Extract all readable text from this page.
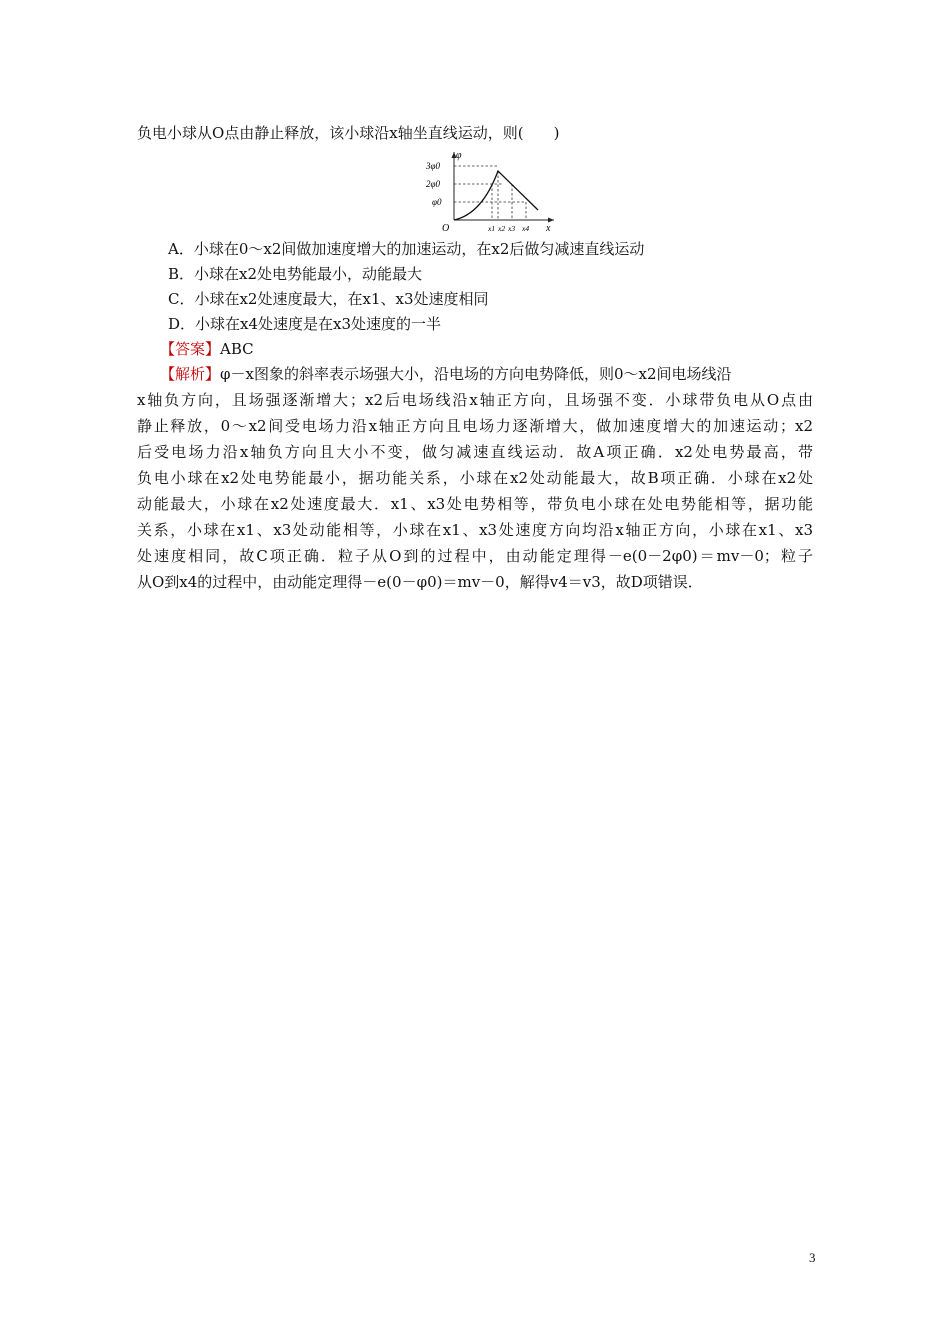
负电小球从O点由静止释放，该小球沿x轴坐直线运动，则(　　)
φ
3φ0
2φ0
φ0
O	x1 x2 x3 x4 x
A．小球在0～x2间做加速度增大的加速运动，在x2后做匀减速直线运动
B．小球在x2处电势能最小，动能最大
C．小球在x2处速度最大，在x1、x3处速度相同
D．小球在x4处速度是在x3处速度的一半
【答案】ABC
【解析】φ－x图象的斜率表示场强大小，沿电场的方向电势降低，则0～x2间电场线沿
x轴负方向，且场强逐渐增大；x2后电场线沿x轴正方向，且场强不变．小球带负电从O点由
静止释放，0～x2间受电场力沿x轴正方向且电场力逐渐增大，做加速度增大的加速运动；x2
后受电场力沿x轴负方向且大小不变，做匀减速直线运动．故A项正确．x2处电势最高，带
负电小球在x2处电势能最小，据功能关系，小球在x2处动能最大，故B项正确．小球在x2处
动能最大，小球在x2处速度最大．x1、x3处电势相等，带负电小球在处电势能相等，据功能
关系，小球在x1、x3处动能相等，小球在x1、x3处速度方向均沿x轴正方向，小球在x1、x3
处速度相同，故C项正确．粒子从O到的过程中，由动能定理得－e(0－2φ0)＝mv－0；粒子
从O到x4的过程中，由动能定理得－e(0－φ0)＝mv－0，解得v4＝v3，故D项错误．
3
